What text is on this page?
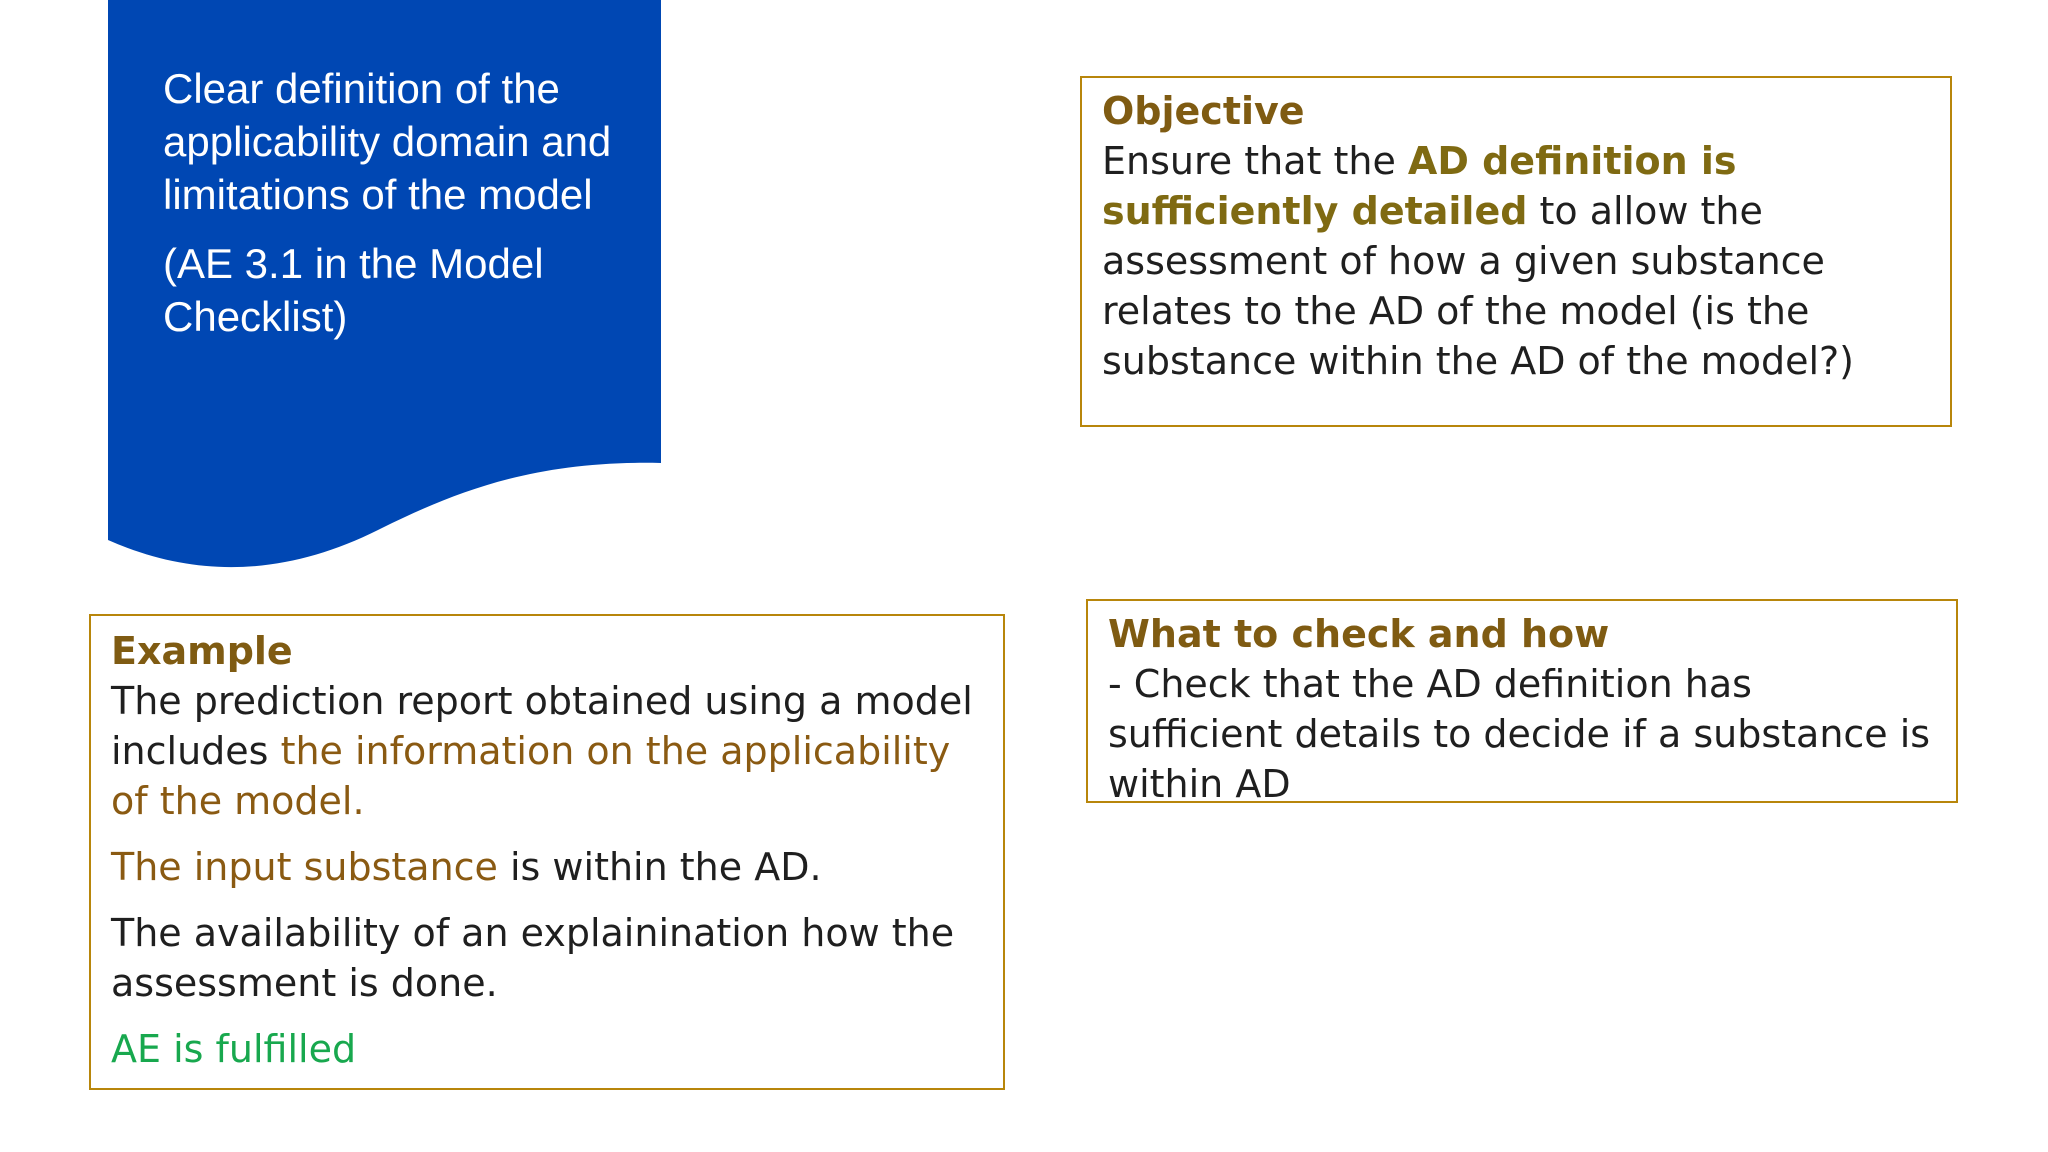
Clear definition of the applicability domain and limitations of the model

(AE 3.1 in the Model Checklist)

Objective

Ensure that the AD definition is sufficiently detailed to allow the assessment of how a given substance relates to the AD of the model (is the substance within the AD of the model?)

Example

The prediction report obtained using a model includes the information on the applicability of the model.

The input substance is within the AD.

The availability of an explainination how the assessment is done.

AE is fulfilled

What to check and how

- Check that the AD definition has sufficient details to decide if a substance is within AD
